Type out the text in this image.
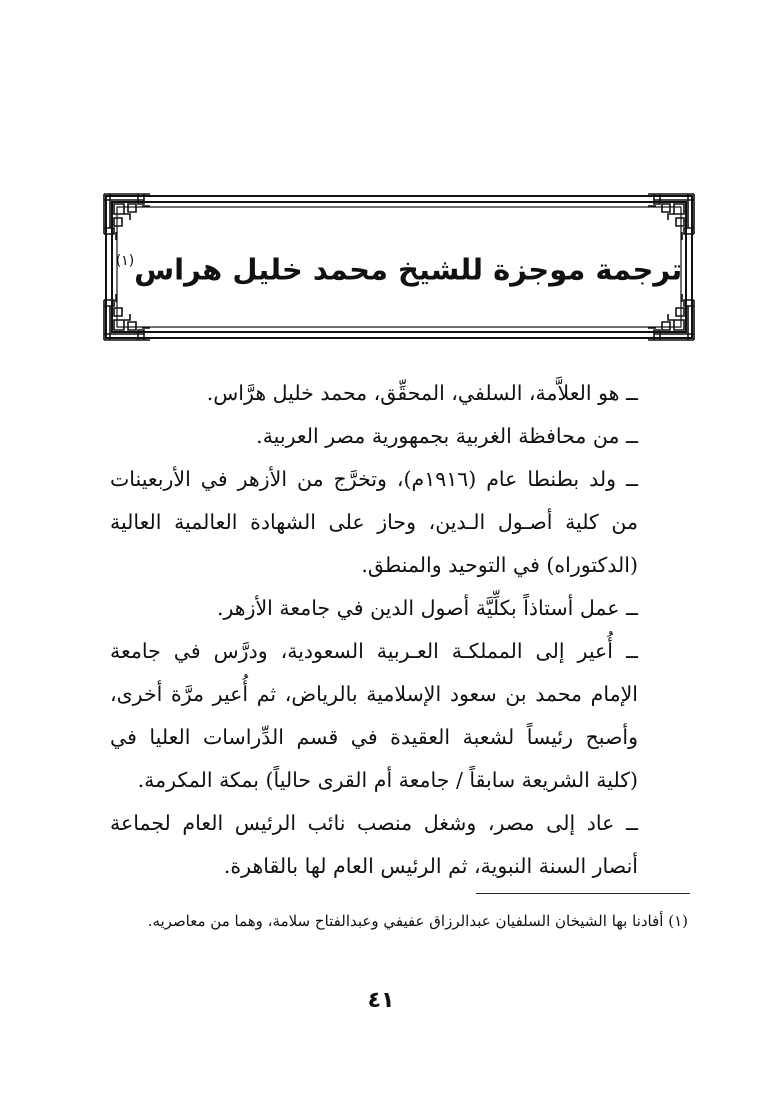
ترجمة موجزة للشيخ محمد خليل هراس$^{(١)}$

ــ هو العلاَّمة، السلفي، المحقِّق، محمد خليل هرَّاس.

ــ من محافظة الغربية بجمهورية مصر العربية.

ــ ولد بطنطا عام (١٩١٦م)، وتخرَّج من الأزهر في الأربعينات من كلية أصـول الـدين، وحاز على الشهادة العالمية العالية (الدكتوراه) في التوحيد والمنطق.

ــ عمل أستاذاً بكلِّيَّة أصول الدين في جامعة الأزهر.

ــ أُعير إلى المملكـة العـربية السعودية، ودرَّس في جامعة الإمام محمد بن سعود الإسلامية بالرياض، ثم أُعير مرَّة أخرى، وأصبح رئيساً لشعبة العقيدة في قسم الدِّراسات العليا في (كلية الشريعة سابقاً / جامعة أم القرى حالياً) بمكة المكرمة.

ــ عاد إلى مصر، وشغل منصب نائب الرئيس العام لجماعة أنصار السنة النبوية، ثم الرئيس العام لها بالقاهرة.

(١) أفادنا بها الشيخان السلفيان عبدالرزاق عفيفي وعبدالفتاح سلامة، وهما من معاصريه.
٤١
